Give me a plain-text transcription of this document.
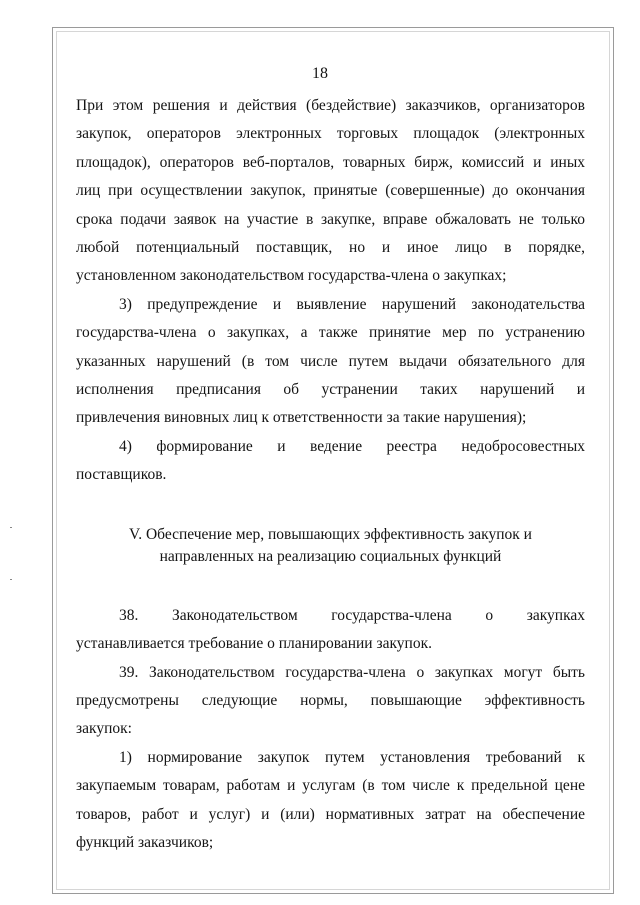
18

При этом решения и действия (бездействие) заказчиков, организаторов
закупок, операторов электронных торговых площадок (электронных
площадок), операторов веб-порталов, товарных бирж, комиссий и иных
лиц при осуществлении закупок, принятые (совершенные) до окончания
срока подачи заявок на участие в закупке, вправе обжаловать не только
любой потенциальный поставщик, но и иное лицо в порядке,
установленном законодательством государства-члена о закупках;

3) предупреждение и выявление нарушений законодательства
государства-члена о закупках, а также принятие мер по устранению
указанных нарушений (в том числе путем выдачи обязательного для
исполнения предписания об устранении таких нарушений и
привлечения виновных лиц к ответственности за такие нарушения);

4) формирование и ведение реестра недобросовестных
поставщиков.

V. Обеспечение мер, повышающих эффективность закупок и
направленных на реализацию социальных функций

38. Законодательством государства-члена о закупках
устанавливается требование о планировании закупок.

39. Законодательством государства-члена о закупках могут быть
предусмотрены следующие нормы, повышающие эффективность
закупок:

1) нормирование закупок путем установления требований к
закупаемым товарам, работам и услугам (в том числе к предельной цене
товаров, работ и услуг) и (или) нормативных затрат на обеспечение
функций заказчиков;
